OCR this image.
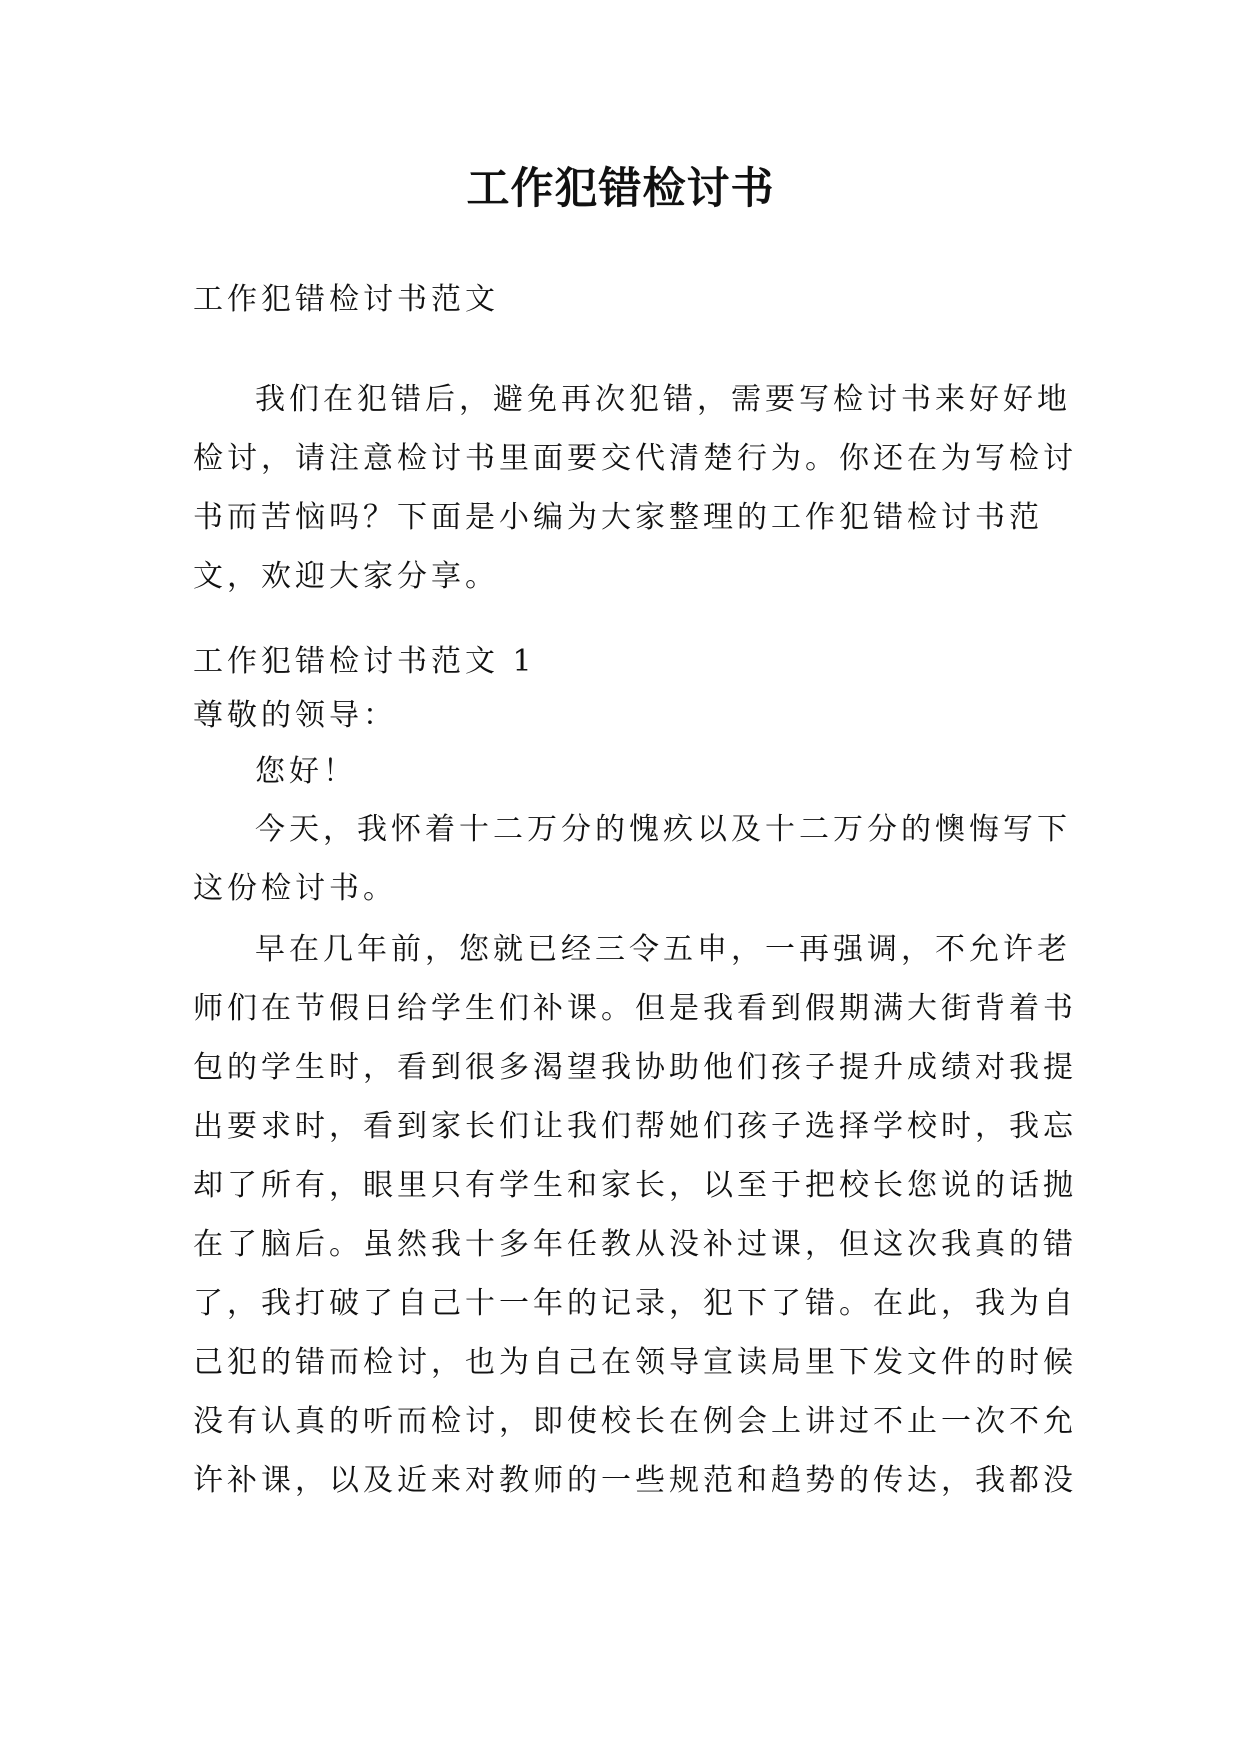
工作犯错检讨书
工作犯错检讨书范文
我们在犯错后，避免再次犯错，需要写检讨书来好好地
检讨，请注意检讨书里面要交代清楚行为。你还在为写检讨
书而苦恼吗？下面是小编为大家整理的工作犯错检讨书范
文，欢迎大家分享。
工作犯错检讨书范文 1
尊敬的领导：
您好！
今天，我怀着十二万分的愧疚以及十二万分的懊悔写下
这份检讨书。
早在几年前，您就已经三令五申，一再强调，不允许老
师们在节假日给学生们补课。但是我看到假期满大街背着书
包的学生时，看到很多渴望我协助他们孩子提升成绩对我提
出要求时，看到家长们让我们帮她们孩子选择学校时，我忘
却了所有，眼里只有学生和家长，以至于把校长您说的话抛
在了脑后。虽然我十多年任教从没补过课，但这次我真的错
了，我打破了自己十一年的记录，犯下了错。在此，我为自
己犯的错而检讨，也为自己在领导宣读局里下发文件的时候
没有认真的听而检讨，即使校长在例会上讲过不止一次不允
许补课，以及近来对教师的一些规范和趋势的传达，我都没
